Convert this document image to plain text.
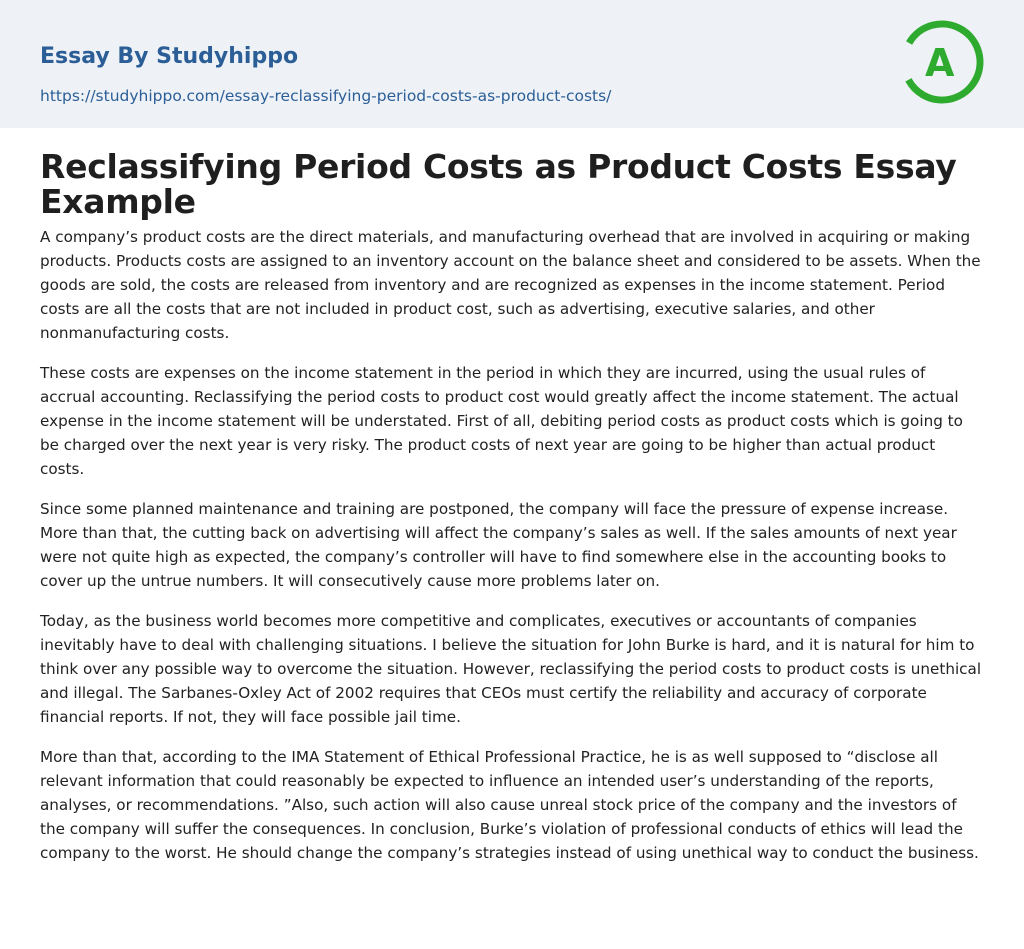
Essay By Studyhippo
https://studyhippo.com/essay-reclassifying-period-costs-as-product-costs/
A
Reclassifying Period Costs as Product Costs Essay Example

A company’s product costs are the direct materials, and manufacturing overhead that are involved in acquiring or making products. Products costs are assigned to an inventory account on the balance sheet and considered to be assets. When the goods are sold, the costs are released from inventory and are recognized as expenses in the income statement. Period costs are all the costs that are not included in product cost, such as advertising, executive salaries, and other nonmanufacturing costs.

These costs are expenses on the income statement in the period in which they are incurred, using the usual rules of accrual accounting. Reclassifying the period costs to product cost would greatly affect the income statement. The actual expense in the income statement will be understated. First of all, debiting period costs as product costs which is going to be charged over the next year is very risky. The product costs of next year are going to be higher than actual product costs.

Since some planned maintenance and training are postponed, the company will face the pressure of expense increase. More than that, the cutting back on advertising will affect the company’s sales as well. If the sales amounts of next year were not quite high as expected, the company’s controller will have to find somewhere else in the accounting books to cover up the untrue numbers. It will consecutively cause more problems later on.

Today, as the business world becomes more competitive and complicates, executives or accountants of companies inevitably have to deal with challenging situations. I believe the situation for John Burke is hard, and it is natural for him to think over any possible way to overcome the situation. However, reclassifying the period costs to product costs is unethical and illegal. The Sarbanes-Oxley Act of 2002 requires that CEOs must certify the reliability and accuracy of corporate financial reports. If not, they will face possible jail time.

More than that, according to the IMA Statement of Ethical Professional Practice, he is as well supposed to “disclose all relevant information that could reasonably be expected to influence an intended user’s understanding of the reports, analyses, or recommendations. ”Also, such action will also cause unreal stock price of the company and the investors of the company will suffer the consequences. In conclusion, Burke’s violation of professional conducts of ethics will lead the company to the worst. He should change the company’s strategies instead of using unethical way to conduct the business.
